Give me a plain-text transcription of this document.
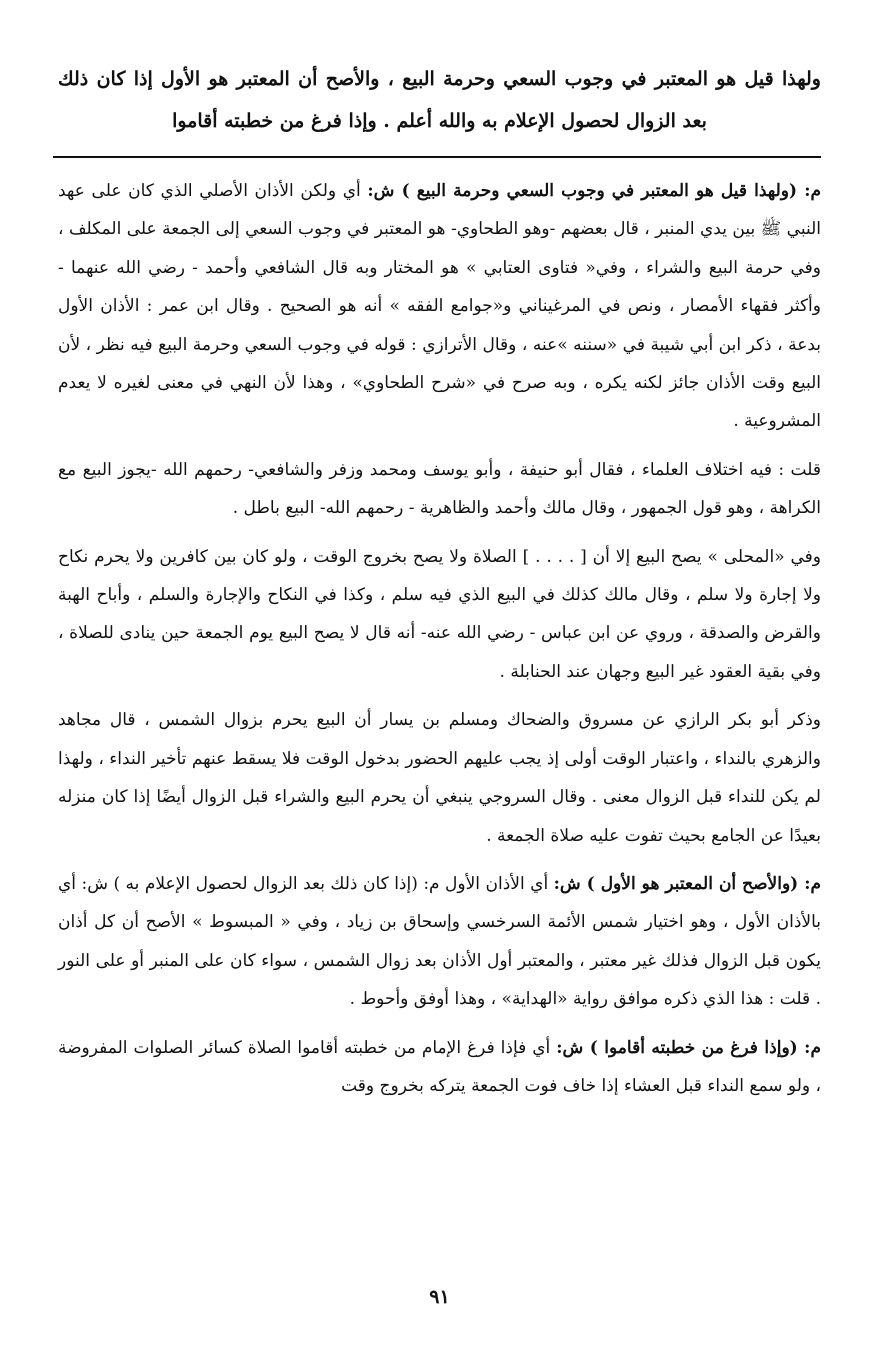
ولهذا قيل هو المعتبر في وجوب السعي وحرمة البيع ، والأصح أن المعتبر هو الأول إذا كان ذلك بعد الزوال لحصول الإعلام به والله أعلم . وإذا فرغ من خطبته أقاموا

م: (ولهذا قيل هو المعتبر في وجوب السعي وحرمة البيع ) ش: أي ولكن الأذان الأصلي الذي كان على عهد النبي ﷺ بين يدي المنبر ، قال بعضهم -وهو الطحاوي- هو المعتبر في وجوب السعي إلى الجمعة على المكلف ، وفي حرمة البيع والشراء ، وفي« فتاوى العتابي » هو المختار وبه قال الشافعي وأحمد - رضي الله عنهما - وأكثر فقهاء الأمصار ، ونص في المرغيناني و«جوامع الفقه » أنه هو الصحيح . وقال ابن عمر : الأذان الأول بدعة ، ذكر ابن أبي شيبة في «سننه »عنه ، وقال الأترازي : قوله في وجوب السعي وحرمة البيع فيه نظر ، لأن البيع وقت الأذان جائز لكنه يكره ، وبه صرح في «شرح الطحاوي» ، وهذا لأن النهي في معنى لغيره لا يعدم المشروعية .

قلت : فيه اختلاف العلماء ، فقال أبو حنيفة ، وأبو يوسف ومحمد وزفر والشافعي- رحمهم الله -يجوز البيع مع الكراهة ، وهو قول الجمهور ، وقال مالك وأحمد والظاهرية - رحمهم الله- البيع باطل .

وفي «المحلى » يصح البيع إلا أن [ . . . . ] الصلاة ولا يصح بخروج الوقت ، ولو كان بين كافرين ولا يحرم نكاح ولا إجارة ولا سلم ، وقال مالك كذلك في البيع الذي فيه سلم ، وكذا في النكاح والإجارة والسلم ، وأباح الهبة والقرض والصدقة ، وروي عن ابن عباس - رضي الله عنه- أنه قال لا يصح البيع يوم الجمعة حين ينادى للصلاة ، وفي بقية العقود غير البيع وجهان عند الحنابلة .

وذكر أبو بكر الرازي عن مسروق والضحاك ومسلم بن يسار أن البيع يحرم بزوال الشمس ، قال مجاهد والزهري بالنداء ، واعتبار الوقت أولى إذ يجب عليهم الحضور بدخول الوقت فلا يسقط عنهم تأخير النداء ، ولهذا لم يكن للنداء قبل الزوال معنى . وقال السروجي ينبغي أن يحرم البيع والشراء قبل الزوال أيضًا إذا كان منزله بعيدًا عن الجامع بحيث تفوت عليه صلاة الجمعة .

م: (والأصح أن المعتبر هو الأول ) ش: أي الأذان الأول م: (إذا كان ذلك بعد الزوال لحصول الإعلام به ) ش: أي بالأذان الأول ، وهو اختيار شمس الأئمة السرخسي وإسحاق بن زياد ، وفي « المبسوط » الأصح أن كل أذان يكون قبل الزوال فذلك غير معتبر ، والمعتبر أول الأذان بعد زوال الشمس ، سواء كان على المنبر أو على النور . قلت : هذا الذي ذكره موافق رواية «الهداية» ، وهذا أوفق وأحوط .

م: (وإذا فرغ من خطبته أقاموا ) ش: أي فإذا فرغ الإمام من خطبته أقاموا الصلاة كسائر الصلوات المفروضة ، ولو سمع النداء قبل العشاء إذا خاف فوت الجمعة يتركه بخروج وقت

٩١
